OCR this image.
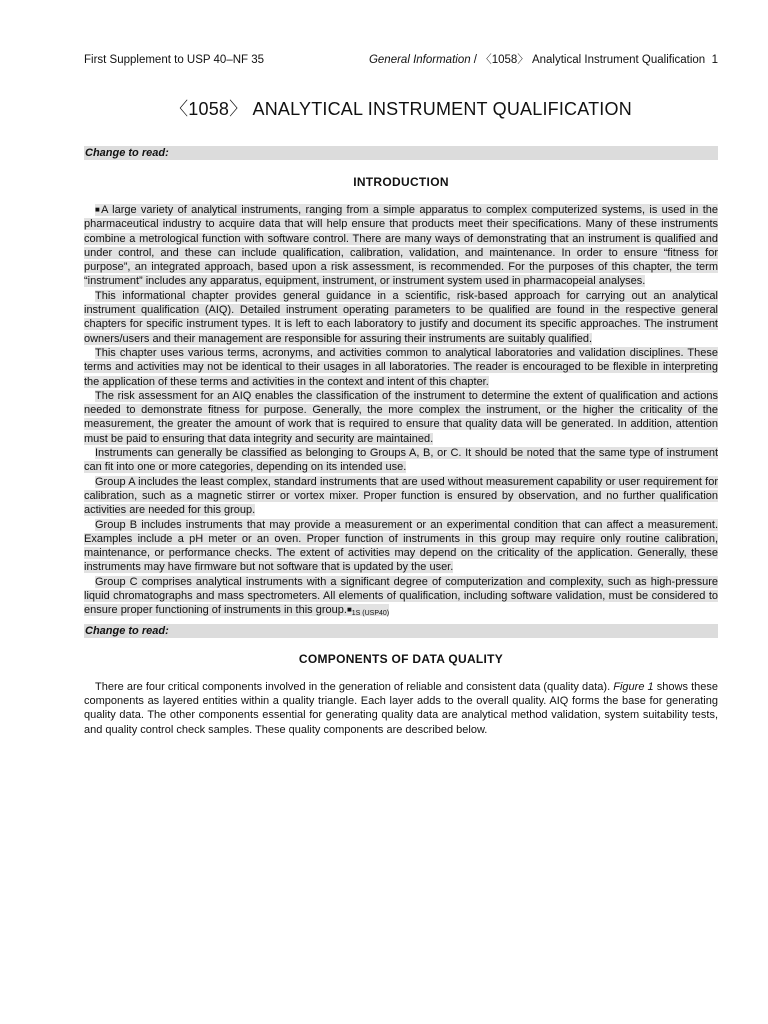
First Supplement to USP 40–NF 35	General Information / 〈1058〉 Analytical Instrument Qualification 1
〈1058〉 ANALYTICAL INSTRUMENT QUALIFICATION
Change to read:
INTRODUCTION

■A large variety of analytical instruments, ranging from a simple apparatus to complex computerized systems, is used in the pharmaceutical industry to acquire data that will help ensure that products meet their specifications. Many of these instruments combine a metrological function with software control. There are many ways of demonstrating that an instrument is qualified and under control, and these can include qualification, calibration, validation, and maintenance. In order to ensure “fitness for purpose”, an integrated approach, based upon a risk assessment, is recommended. For the purposes of this chapter, the term “instrument” includes any apparatus, equipment, instrument, or instrument system used in pharmacopeial analyses.

This informational chapter provides general guidance in a scientific, risk-based approach for carrying out an analytical instrument qualification (AIQ). Detailed instrument operating parameters to be qualified are found in the respective general chapters for specific instrument types. It is left to each laboratory to justify and document its specific approaches. The instrument owners/users and their management are responsible for assuring their instruments are suitably qualified.

This chapter uses various terms, acronyms, and activities common to analytical laboratories and validation disciplines. These terms and activities may not be identical to their usages in all laboratories. The reader is encouraged to be flexible in interpreting the application of these terms and activities in the context and intent of this chapter.

The risk assessment for an AIQ enables the classification of the instrument to determine the extent of qualification and actions needed to demonstrate fitness for purpose. Generally, the more complex the instrument, or the higher the criticality of the measurement, the greater the amount of work that is required to ensure that quality data will be generated. In addition, attention must be paid to ensuring that data integrity and security are maintained.

Instruments can generally be classified as belonging to Groups A, B, or C. It should be noted that the same type of instrument can fit into one or more categories, depending on its intended use.

Group A includes the least complex, standard instruments that are used without measurement capability or user requirement for calibration, such as a magnetic stirrer or vortex mixer. Proper function is ensured by observation, and no further qualification activities are needed for this group.

Group B includes instruments that may provide a measurement or an experimental condition that can affect a measurement. Examples include a pH meter or an oven. Proper function of instruments in this group may require only routine calibration, maintenance, or performance checks. The extent of activities may depend on the criticality of the application. Generally, these instruments may have firmware but not software that is updated by the user.

Group C comprises analytical instruments with a significant degree of computerization and complexity, such as high-pressure liquid chromatographs and mass spectrometers. All elements of qualification, including software validation, must be considered to ensure proper functioning of instruments in this group.■1S (USP40)

Change to read:
COMPONENTS OF DATA QUALITY

There are four critical components involved in the generation of reliable and consistent data (quality data). Figure 1 shows these components as layered entities within a quality triangle. Each layer adds to the overall quality. AIQ forms the base for generating quality data. The other components essential for generating quality data are analytical method validation, system suitability tests, and quality control check samples. These quality components are described below.
